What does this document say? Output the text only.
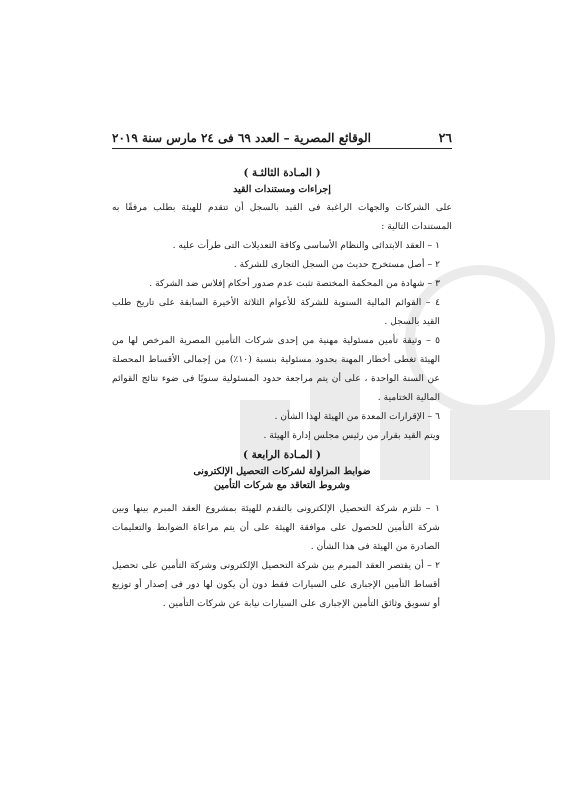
٢٦
الوقائع المصرية – العدد ٦٩ فى ٢٤ مارس سنة ٢٠١٩
( المـادة الثالثـة )
إجراءات ومستندات القيد

على الشركات والجهات الراغبة فى القيد بالسجل أن تتقدم للهيئة بطلب مرفقًا به المستندات التالية :

١ – العقد الابتدائى والنظام الأساسى وكافة التعديلات التى طرأت عليه .

٢ – أصل مستخرج حديث من السجل التجارى للشركة .

٣ – شهادة من المحكمة المختصة تثبت عدم صدور أحكام إفلاس ضد الشركة .

٤ – القوائم المالية السنوية للشركة للأعوام الثلاثة الأخيرة السابقة على تاريخ طلب القيد بالسجل .

٥ – وثيقة تأمين مسئولية مهنية من إحدى شركات التأمين المصرية المرخص لها من الهيئة تغطى أخطار المهنة بحدود مسئولية بنسبة (١٠٪) من إجمالى الأقساط المحصلة عن السنة الواحدة ، على أن يتم مراجعة حدود المسئولية سنويًا فى ضوء نتائج القوائم المالية الختامية .

٦ – الإقرارات المعدة من الهيئة لهذا الشأن .

ويتم القيد بقرار من رئيس مجلس إدارة الهيئة .

( المـادة الرابعة )
ضوابط المزاولة لشركات التحصيل الإلكترونى
وشروط التعاقد مع شركات التأمين

١ – تلتزم شركة التحصيل الإلكترونى بالتقدم للهيئة بمشروع العقد المبرم بينها وبين شركة التأمين للحصول على موافقة الهيئة على أن يتم مراعاة الضوابط والتعليمات الصادرة من الهيئة فى هذا الشأن .

٢ – أن يقتصر العقد المبرم بين شركة التحصيل الإلكترونى وشركة التأمين على تحصيل أقساط التأمين الإجبارى على السيارات فقط دون أن يكون لها دور فى إصدار أو توزيع أو تسويق وثائق التأمين الإجبارى على السيارات نيابة عن شركات التأمين .
